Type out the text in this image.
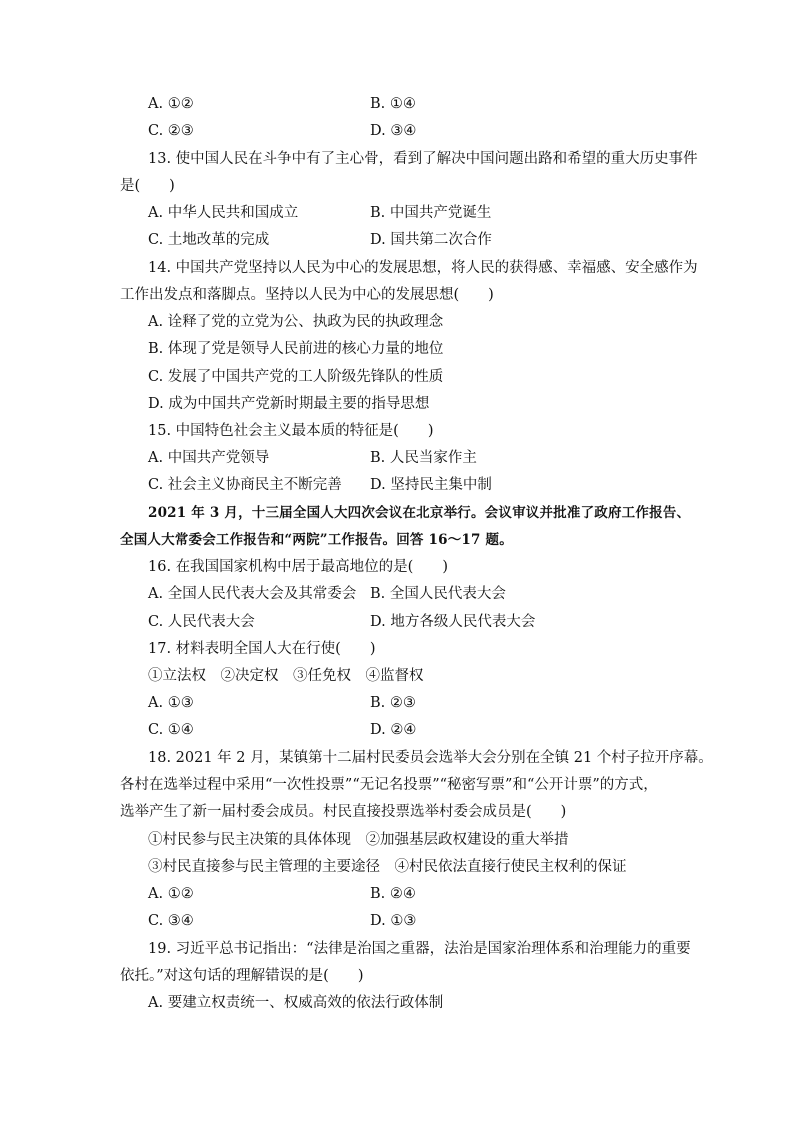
A. ①②	B. ①④
C. ②③	D. ③④
13. 使中国人民在斗争中有了主心骨，看到了解决中国问题出路和希望的重大历史事件
是(　　)
A. 中华人民共和国成立	B. 中国共产党诞生
C. 土地改革的完成	D. 国共第二次合作
14. 中国共产党坚持以人民为中心的发展思想，将人民的获得感、幸福感、安全感作为
工作出发点和落脚点。坚持以人民为中心的发展思想(　　)
A. 诠释了党的立党为公、执政为民的执政理念
B. 体现了党是领导人民前进的核心力量的地位
C. 发展了中国共产党的工人阶级先锋队的性质
D. 成为中国共产党新时期最主要的指导思想
15. 中国特色社会主义最本质的特征是(　　)
A. 中国共产党领导	B. 人民当家作主
C. 社会主义协商民主不断完善 D. 坚持民主集中制
2021 年 3 月，十三届全国人大四次会议在北京举行。会议审议并批准了政府工作报告、
全国人大常委会工作报告和“两院”工作报告。回答 16～17 题。
16. 在我国国家机构中居于最高地位的是(　　)
A. 全国人民代表大会及其常委会 B. 全国人民代表大会
C. 人民代表大会	D. 地方各级人民代表大会
17. 材料表明全国人大在行使(　　)
①立法权　②决定权　③任免权　④监督权
A. ①③	B. ②③
C. ①④	D. ②④
18. 2021 年 2 月，某镇第十二届村民委员会选举大会分别在全镇 21 个村子拉开序幕。
各村在选举过程中采用“一次性投票”“无记名投票”“秘密写票”和“公开计票”的方式，
选举产生了新一届村委会成员。村民直接投票选举村委会成员是(　　)
①村民参与民主决策的具体体现　②加强基层政权建设的重大举措
③村民直接参与民主管理的主要途径　④村民依法直接行使民主权利的保证
A. ①②	B. ②④
C. ③④	D. ①③
19. 习近平总书记指出：“法律是治国之重器，法治是国家治理体系和治理能力的重要
依托。”对这句话的理解错误的是(　　)
A. 要建立权责统一、权威高效的依法行政体制
